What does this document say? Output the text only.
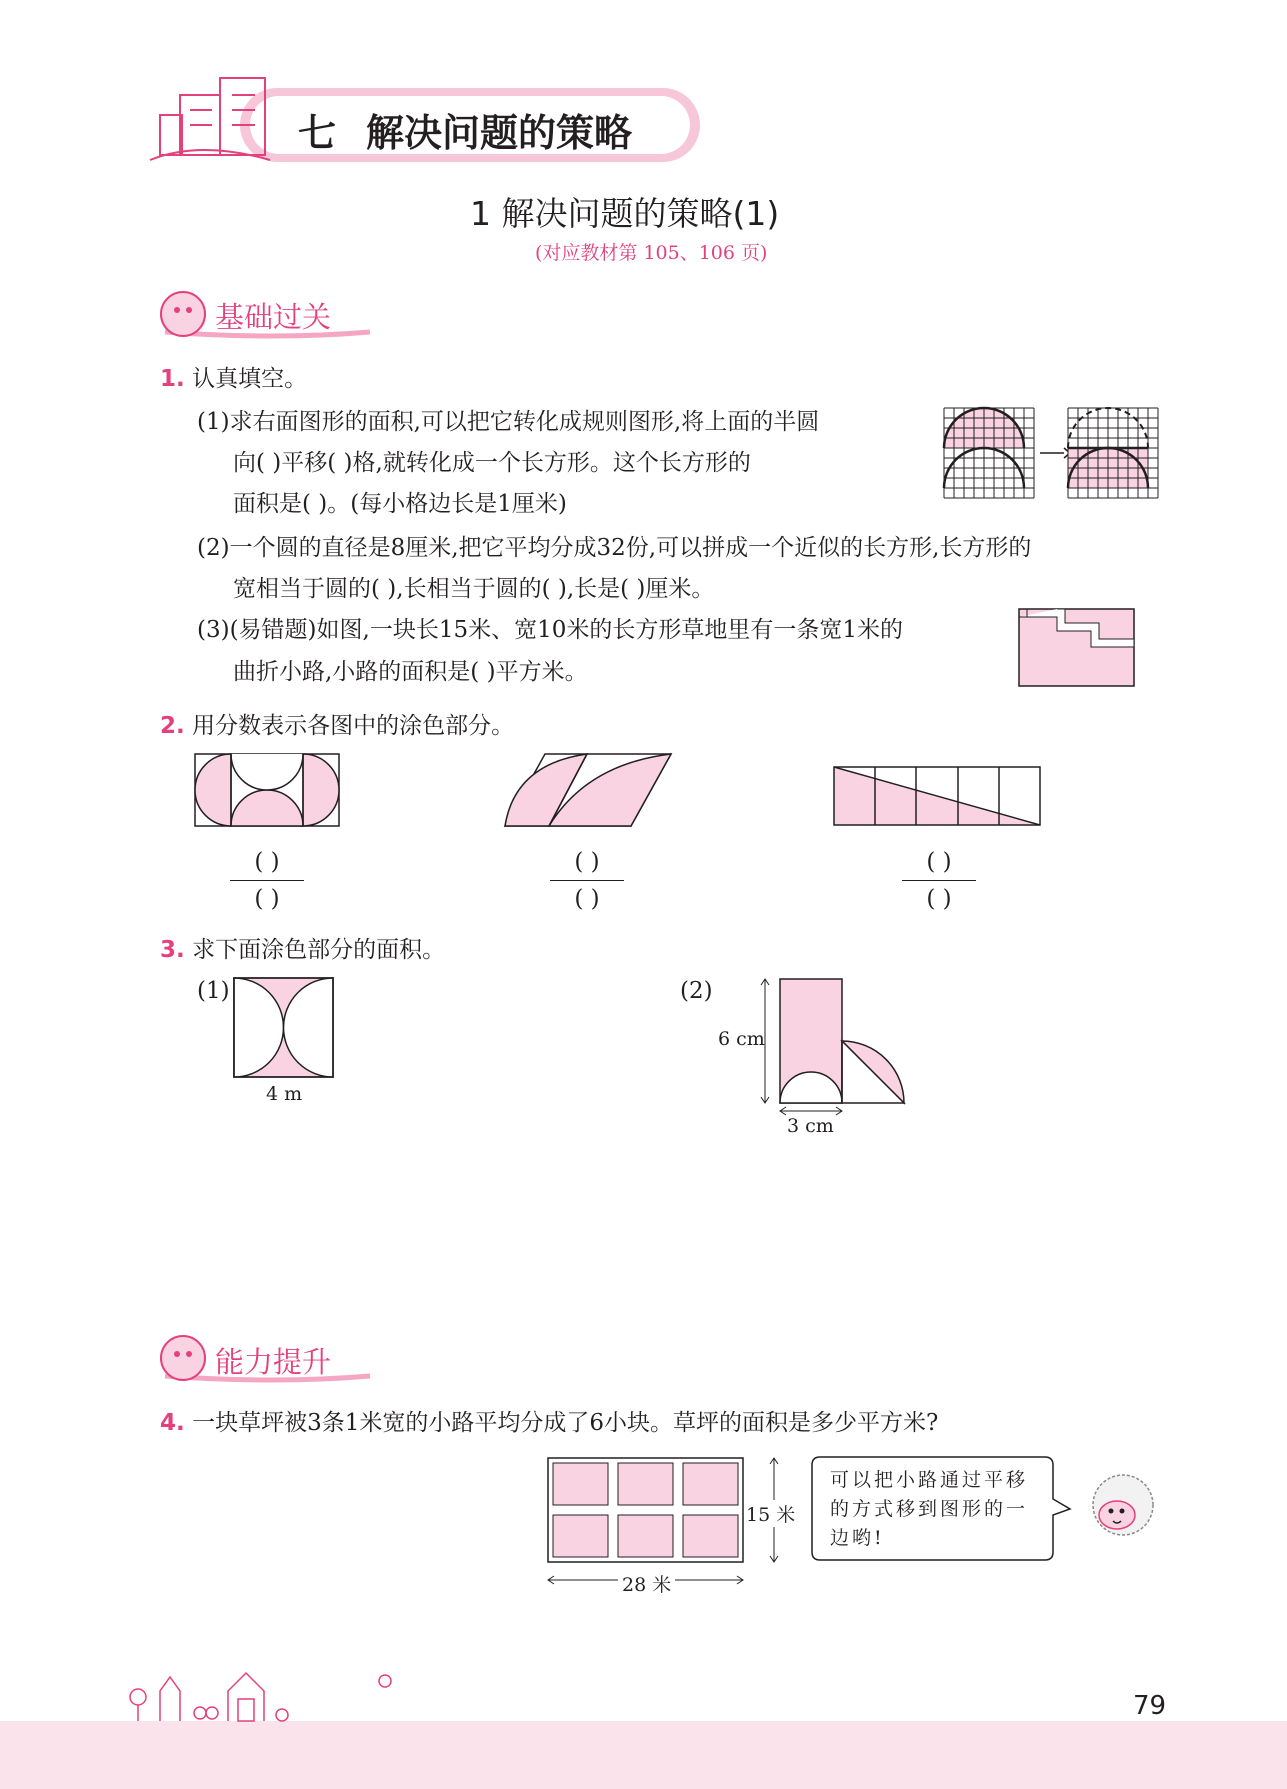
七 解决问题的策略
1 解决问题的策略(1)
(对应教材第 105、106 页)
基础过关
1. 认真填空。
(1)求右面图形的面积,可以把它转化成规则图形,将上面的半圆
向( )平移( )格,就转化成一个长方形。这个长方形的
面积是( )。(每小格边长是1厘米)
(2)一个圆的直径是8厘米,把它平均分成32份,可以拼成一个近似的长方形,长方形的
宽相当于圆的( ),长相当于圆的( ),长是( )厘米。
(3)(易错题)如图,一块长15米、宽10米的长方形草地里有一条宽1米的
曲折小路,小路的面积是( )平方米。
2. 用分数表示各图中的涂色部分。
( )
( )
( )
( )
( )
( )
3. 求下面涂色部分的面积。
(1)
4 m
(2)
6 cm
3 cm
能力提升
4. 一块草坪被3条1米宽的小路平均分成了6小块。草坪的面积是多少平方米?
15 米
28 米
可以把小路通过平移
的方式移到图形的一
边哟!
79
